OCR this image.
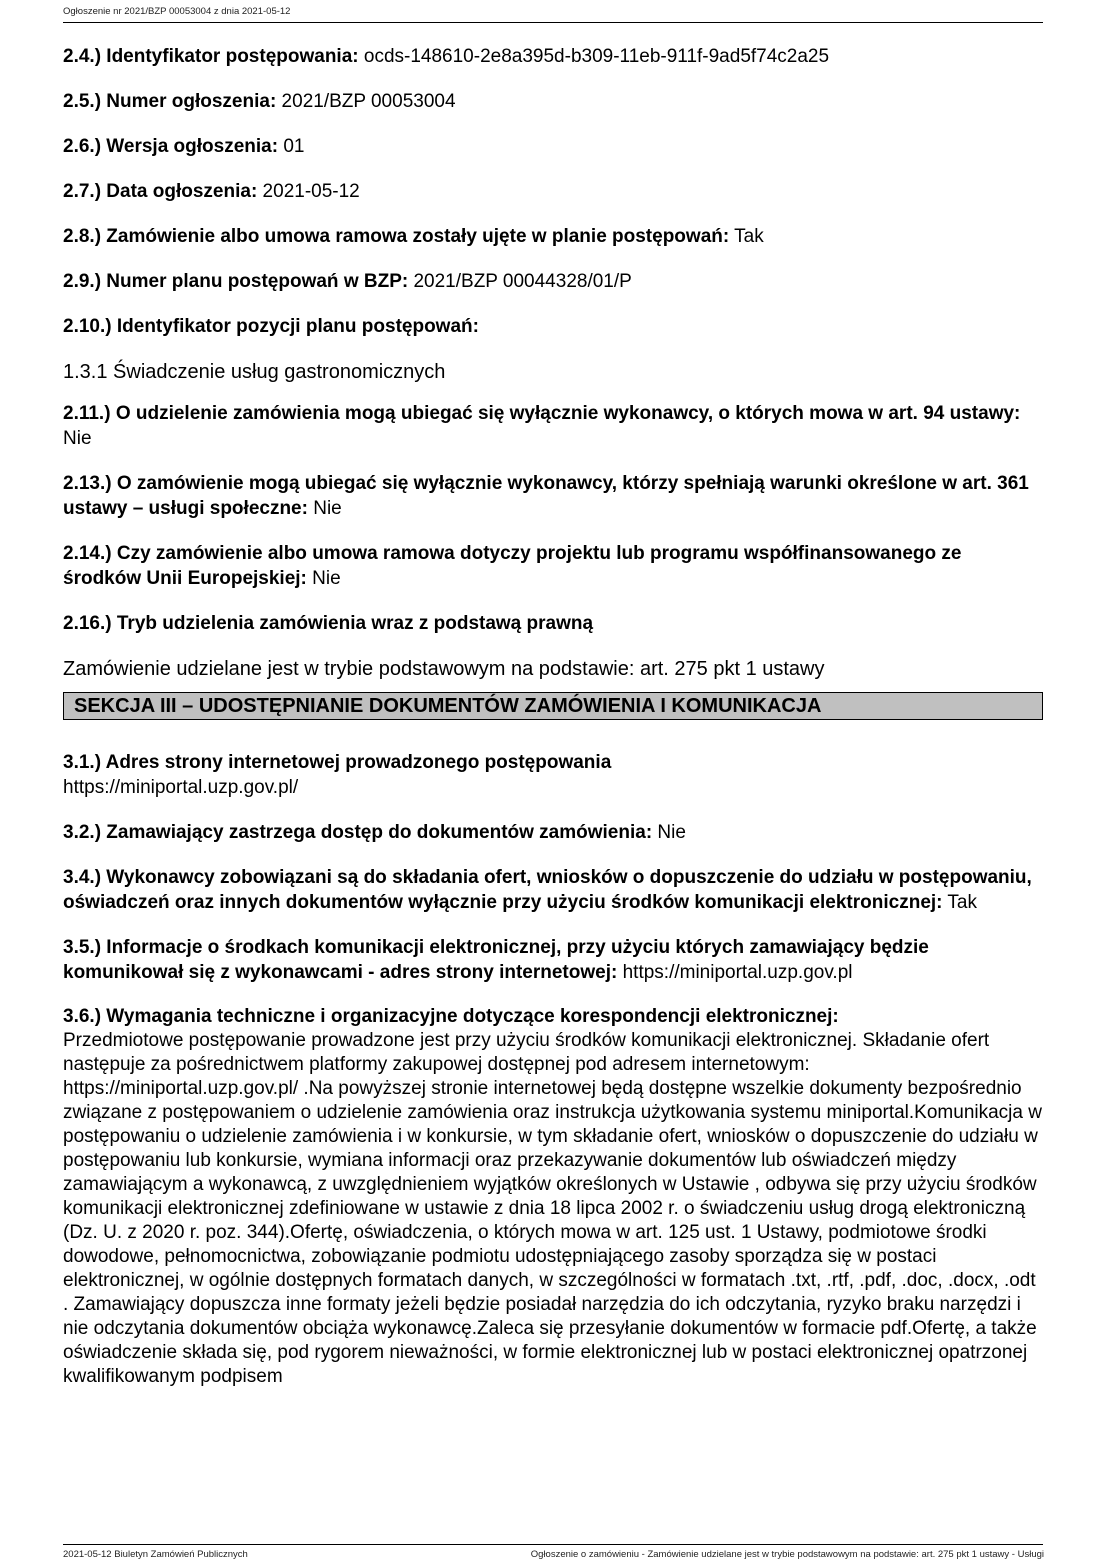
Ogłoszenie nr 2021/BZP 00053004 z dnia 2021-05-12

2.4.) Identyfikator postępowania: ocds-148610-2e8a395d-b309-11eb-911f-9ad5f74c2a25

2.5.) Numer ogłoszenia: 2021/BZP 00053004

2.6.) Wersja ogłoszenia: 01

2.7.) Data ogłoszenia: 2021-05-12

2.8.) Zamówienie albo umowa ramowa zostały ujęte w planie postępowań: Tak

2.9.) Numer planu postępowań w BZP: 2021/BZP 00044328/01/P

2.10.) Identyfikator pozycji planu postępowań:

1.3.1 Świadczenie usług gastronomicznych

2.11.) O udzielenie zamówienia mogą ubiegać się wyłącznie wykonawcy, o których mowa w art. 94 ustawy: Nie

2.13.) O zamówienie mogą ubiegać się wyłącznie wykonawcy, którzy spełniają warunki określone w art. 361 ustawy – usługi społeczne: Nie

2.14.) Czy zamówienie albo umowa ramowa dotyczy projektu lub programu współfinansowanego ze środków Unii Europejskiej: Nie

2.16.) Tryb udzielenia zamówienia wraz z podstawą prawną

Zamówienie udzielane jest w trybie podstawowym na podstawie: art. 275 pkt 1 ustawy

SEKCJA III – UDOSTĘPNIANIE DOKUMENTÓW ZAMÓWIENIA I KOMUNIKACJA

3.1.) Adres strony internetowej prowadzonego postępowania
https://miniportal.uzp.gov.pl/

3.2.) Zamawiający zastrzega dostęp do dokumentów zamówienia: Nie

3.4.) Wykonawcy zobowiązani są do składania ofert, wniosków o dopuszczenie do udziału w postępowaniu, oświadczeń oraz innych dokumentów wyłącznie przy użyciu środków komunikacji elektronicznej: Tak

3.5.) Informacje o środkach komunikacji elektronicznej, przy użyciu których zamawiający będzie komunikował się z wykonawcami - adres strony internetowej: https://miniportal.uzp.gov.pl

3.6.) Wymagania techniczne i organizacyjne dotyczące korespondencji elektronicznej:
Przedmiotowe postępowanie prowadzone jest przy użyciu środków komunikacji elektronicznej. Składanie ofert następuje za pośrednictwem platformy zakupowej dostępnej pod adresem internetowym: https://miniportal.uzp.gov.pl/ .Na powyższej stronie internetowej będą dostępne wszelkie dokumenty bezpośrednio związane z postępowaniem o udzielenie zamówienia oraz instrukcja użytkowania systemu miniportal.Komunikacja w postępowaniu o udzielenie zamówienia i w konkursie, w tym składanie ofert, wniosków o dopuszczenie do udziału w postępowaniu lub konkursie, wymiana informacji oraz przekazywanie dokumentów lub oświadczeń między zamawiającym a wykonawcą, z uwzględnieniem wyjątków określonych w Ustawie , odbywa się przy użyciu środków komunikacji elektronicznej zdefiniowane w ustawie z dnia 18 lipca 2002 r. o świadczeniu usług drogą elektroniczną (Dz. U. z 2020 r. poz. 344).Ofertę, oświadczenia, o których mowa w art. 125 ust. 1 Ustawy, podmiotowe środki dowodowe, pełnomocnictwa, zobowiązanie podmiotu udostępniającego zasoby sporządza się w postaci elektronicznej, w ogólnie dostępnych formatach danych, w szczególności w formatach .txt, .rtf, .pdf, .doc, .docx, .odt . Zamawiający dopuszcza inne formaty jeżeli będzie posiadał narzędzia do ich odczytania, ryzyko braku narzędzi i nie odczytania dokumentów obciąża wykonawcę.Zaleca się przesyłanie dokumentów w formacie pdf.Ofertę, a także oświadczenie składa się, pod rygorem nieważności, w formie elektronicznej lub w postaci elektronicznej opatrzonej kwalifikowanym podpisem

2021-05-12 Biuletyn Zamówień Publicznych	Ogłoszenie o zamówieniu - Zamówienie udzielane jest w trybie podstawowym na podstawie: art. 275 pkt 1 ustawy - Usługi
